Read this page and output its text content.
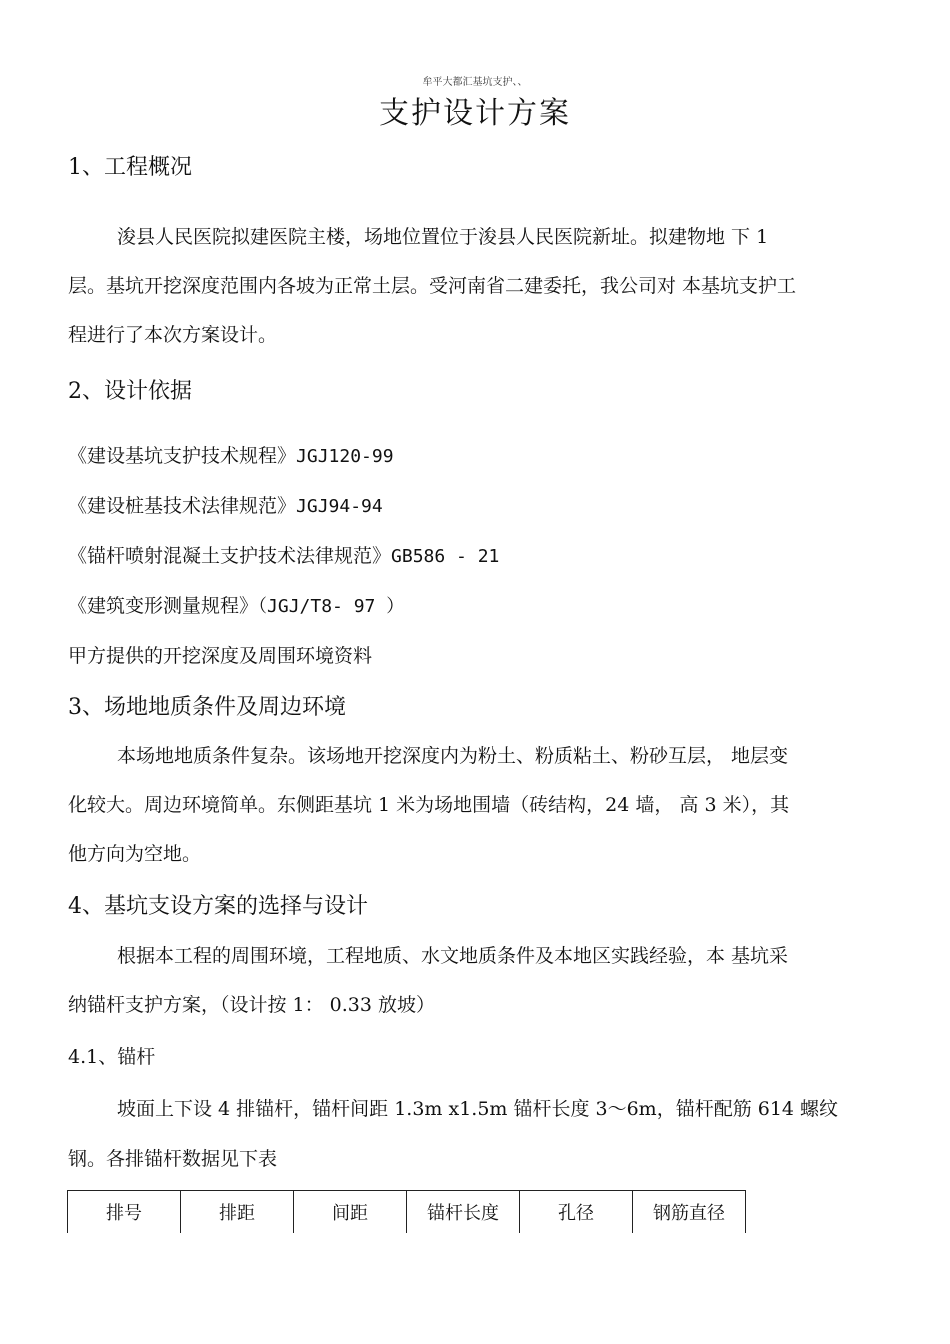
牟平大都汇基坑支护、、
支护设计方案
1、工程概况
浚县人民医院拟建医院主楼，场地位置位于浚县人民医院新址。拟建物地 下 1
层。基坑开挖深度范围内各坡为正常土层。受河南省二建委托，我公司对 本基坑支护工
程进行了本次方案设计。
2、设计依据
《建设基坑支护技术规程》JGJ120-99
《建设桩基技术法律规范》JGJ94-94
《锚杆喷射混凝土支护技术法律规范》GB586 - 21
《建筑变形测量规程》（JGJ/T8- 97 ）
甲方提供的开挖深度及周围环境资料
3、场地地质条件及周边环境
本场地地质条件复杂。该场地开挖深度内为粉土、粉质粘土、粉砂互层， 地层变
化较大。周边环境简单。东侧距基坑 1 米为场地围墙（砖结构，24 墙， 高 3 米），其
他方向为空地。
4、基坑支设方案的选择与设计
根据本工程的周围环境，工程地质、水文地质条件及本地区实践经验，本 基坑采
纳锚杆支护方案，（设计按 1： 0.33 放坡）
4.1、锚杆
坡面上下设 4 排锚杆，锚杆间距 1.3m x1.5m 锚杆长度 3～6m，锚杆配筋 614 螺纹
钢。各排锚杆数据见下表
排号	排距	间距	锚杆长度	孔径	钢筋直径
